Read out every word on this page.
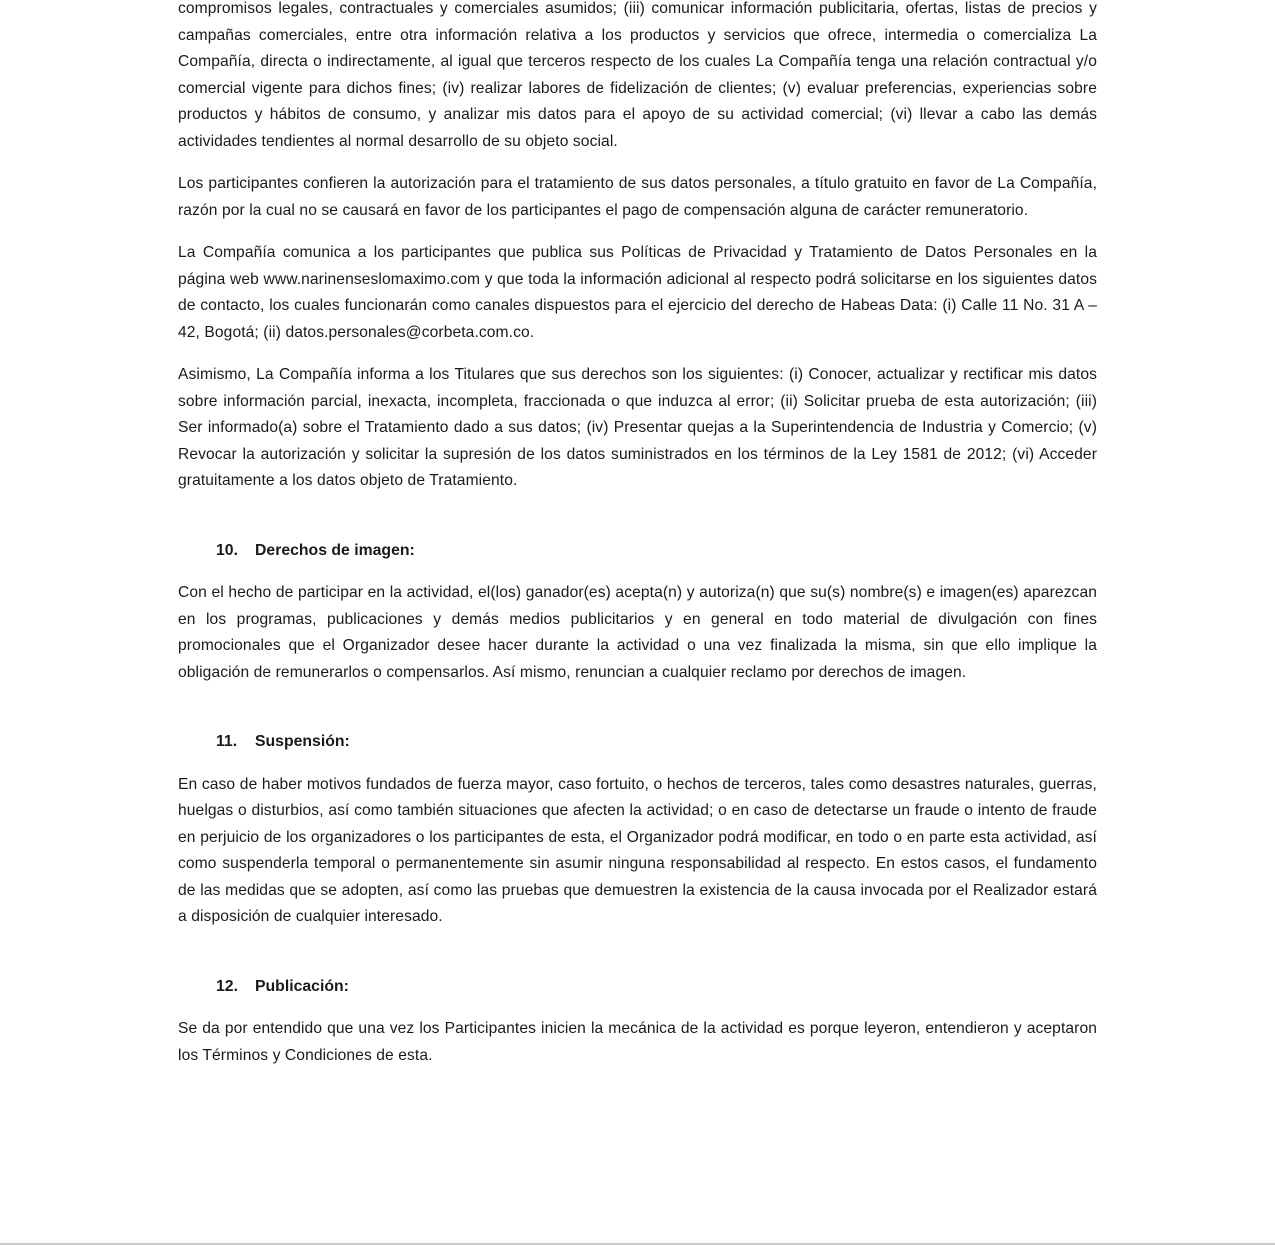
compromisos legales, contractuales y comerciales asumidos; (iii) comunicar información publicitaria, ofertas, listas de precios y campañas comerciales, entre otra información relativa a los productos y servicios que ofrece, intermedia o comercializa La Compañía, directa o indirectamente, al igual que terceros respecto de los cuales La Compañía tenga una relación contractual y/o comercial vigente para dichos fines; (iv) realizar labores de fidelización de clientes; (v) evaluar preferencias, experiencias sobre productos y hábitos de consumo, y analizar mis datos para el apoyo de su actividad comercial; (vi) llevar a cabo las demás actividades tendientes al normal desarrollo de su objeto social.

Los participantes confieren la autorización para el tratamiento de sus datos personales, a título gratuito en favor de La Compañía, razón por la cual no se causará en favor de los participantes el pago de compensación alguna de carácter remuneratorio.

La Compañía comunica a los participantes que publica sus Políticas de Privacidad y Tratamiento de Datos Personales en la página web www.narinenseslomaximo.com y que toda la información adicional al respecto podrá solicitarse en los siguientes datos de contacto, los cuales funcionarán como canales dispuestos para el ejercicio del derecho de Habeas Data: (i) Calle 11 No. 31 A – 42, Bogotá; (ii) datos.personales@corbeta.com.co.

Asimismo, La Compañía informa a los Titulares que sus derechos son los siguientes: (i) Conocer, actualizar y rectificar mis datos sobre información parcial, inexacta, incompleta, fraccionada o que induzca al error; (ii) Solicitar prueba de esta autorización; (iii) Ser informado(a) sobre el Tratamiento dado a sus datos; (iv) Presentar quejas a la Superintendencia de Industria y Comercio; (v) Revocar la autorización y solicitar la supresión de los datos suministrados en los términos de la Ley 1581 de 2012; (vi) Acceder gratuitamente a los datos objeto de Tratamiento.

10. Derechos de imagen:

Con el hecho de participar en la actividad, el(los) ganador(es) acepta(n) y autoriza(n) que su(s) nombre(s) e imagen(es) aparezcan en los programas, publicaciones y demás medios publicitarios y en general en todo material de divulgación con fines promocionales que el Organizador desee hacer durante la actividad o una vez finalizada la misma, sin que ello implique la obligación de remunerarlos o compensarlos. Así mismo, renuncian a cualquier reclamo por derechos de imagen.

11. Suspensión:

En caso de haber motivos fundados de fuerza mayor, caso fortuito, o hechos de terceros, tales como desastres naturales, guerras, huelgas o disturbios, así como también situaciones que afecten la actividad; o en caso de detectarse un fraude o intento de fraude en perjuicio de los organizadores o los participantes de esta, el Organizador podrá modificar, en todo o en parte esta actividad, así como suspenderla temporal o permanentemente sin asumir ninguna responsabilidad al respecto. En estos casos, el fundamento de las medidas que se adopten, así como las pruebas que demuestren la existencia de la causa invocada por el Realizador estará a disposición de cualquier interesado.

12. Publicación:

Se da por entendido que una vez los Participantes inicien la mecánica de la actividad es porque leyeron, entendieron y aceptaron los Términos y Condiciones de esta.
